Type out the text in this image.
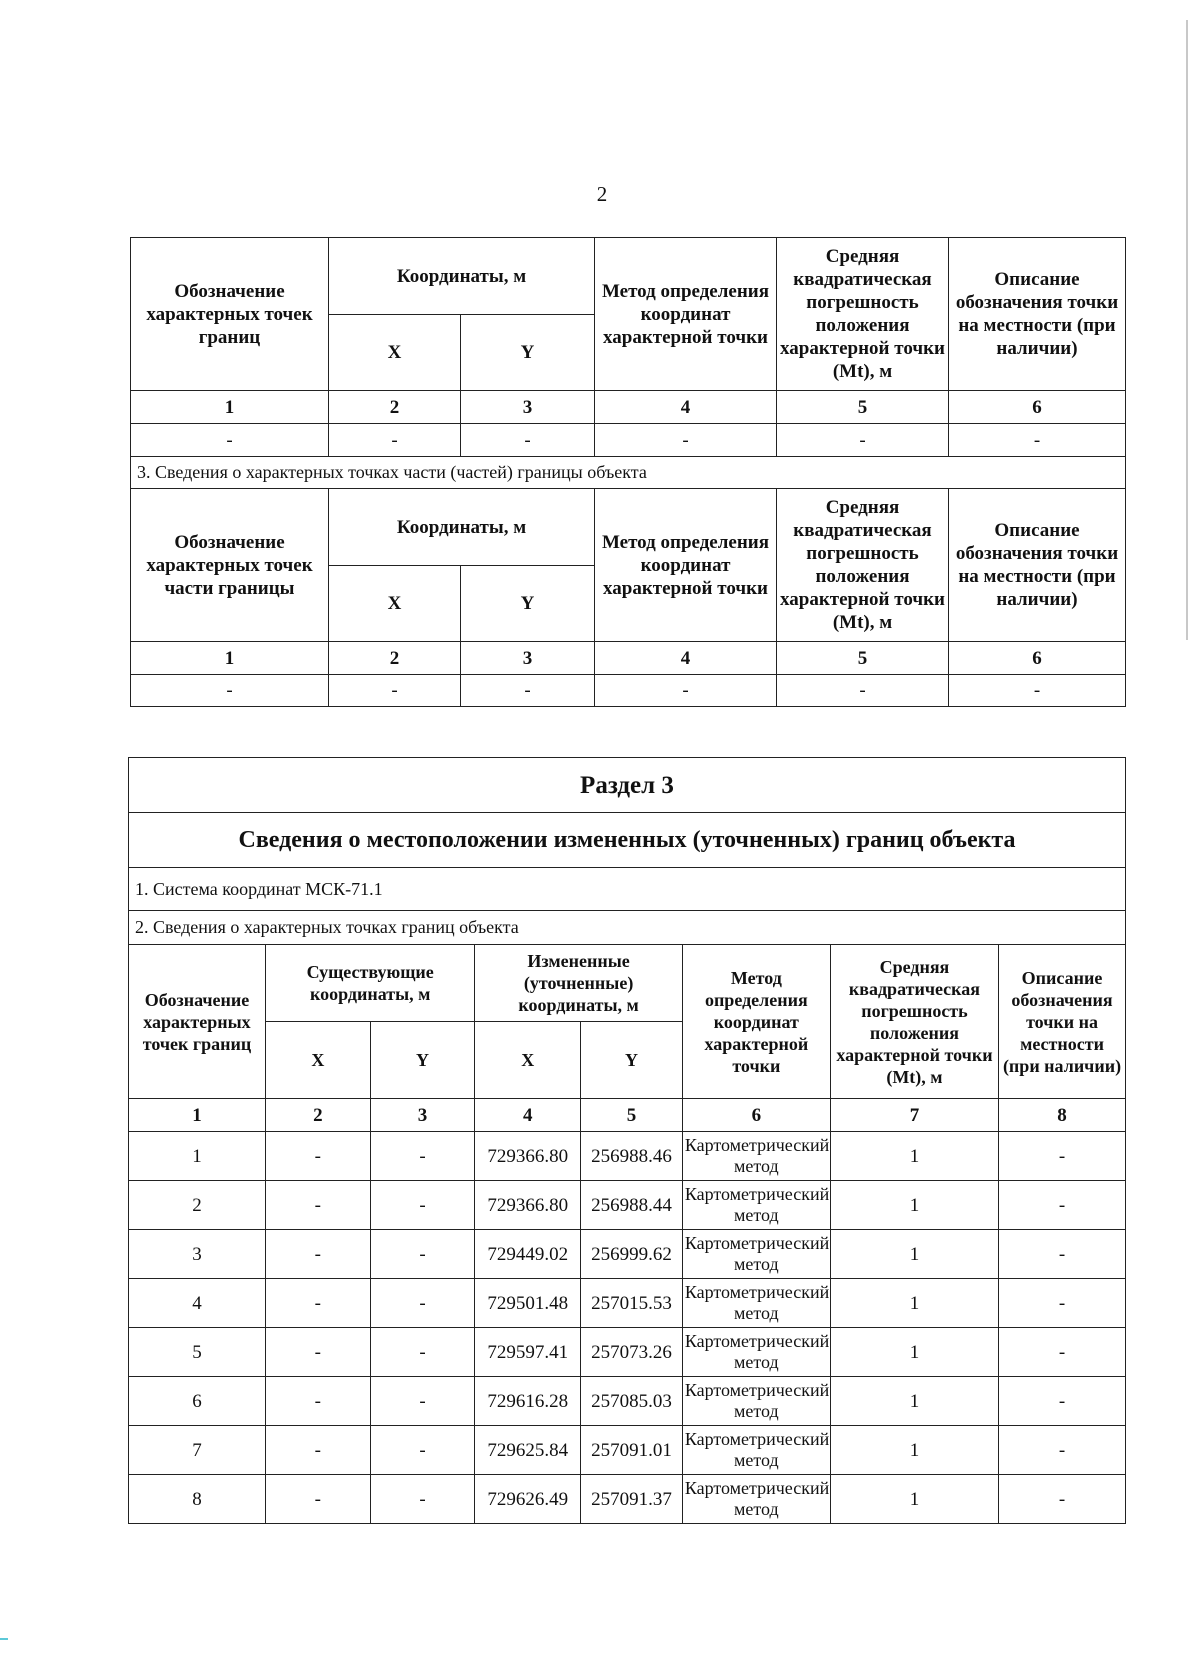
2
Обозначение характерных точек границ	Координаты, м		Метод определения координат характерной точки	Средняя квадратическая погрешность положения характерной точки (Mt), м	Описание обозначения точки на местности (при наличии)
	X	Y			
1	2	3	4	5	6
-	-	-	-	-	-
3. Сведения о характерных точках части (частей) границы объекта					
Обозначение характерных точек части границы	Координаты, м		Метод определения координат характерной точки	Средняя квадратическая погрешность положения характерной точки (Mt), м	Описание обозначения точки на местности (при наличии)
	X	Y			
1	2	3	4	5	6
-	-	-	-	-	-
Раздел 3							
Сведения о местоположении измененных (уточненных) границ объекта							
1. Система координат МСК-71.1							
2. Сведения о характерных точках границ объекта							
Обозначение характерных точек границ	Существующие координаты, м		Измененные (уточненные) координаты, м		Метод определения координат характерной точки	Средняя квадратическая погрешность положения характерной точки (Mt), м	Описание обозначения точки на местности (при наличии)
	X	Y	X	Y			
1	2	3	4	5	6	7	8
1	-	-	729366.80	256988.46	Картометрический метод	1	-
2	-	-	729366.80	256988.44	Картометрический метод	1	-
3	-	-	729449.02	256999.62	Картометрический метод	1	-
4	-	-	729501.48	257015.53	Картометрический метод	1	-
5	-	-	729597.41	257073.26	Картометрический метод	1	-
6	-	-	729616.28	257085.03	Картометрический метод	1	-
7	-	-	729625.84	257091.01	Картометрический метод	1	-
8	-	-	729626.49	257091.37	Картометрический метод	1	-
